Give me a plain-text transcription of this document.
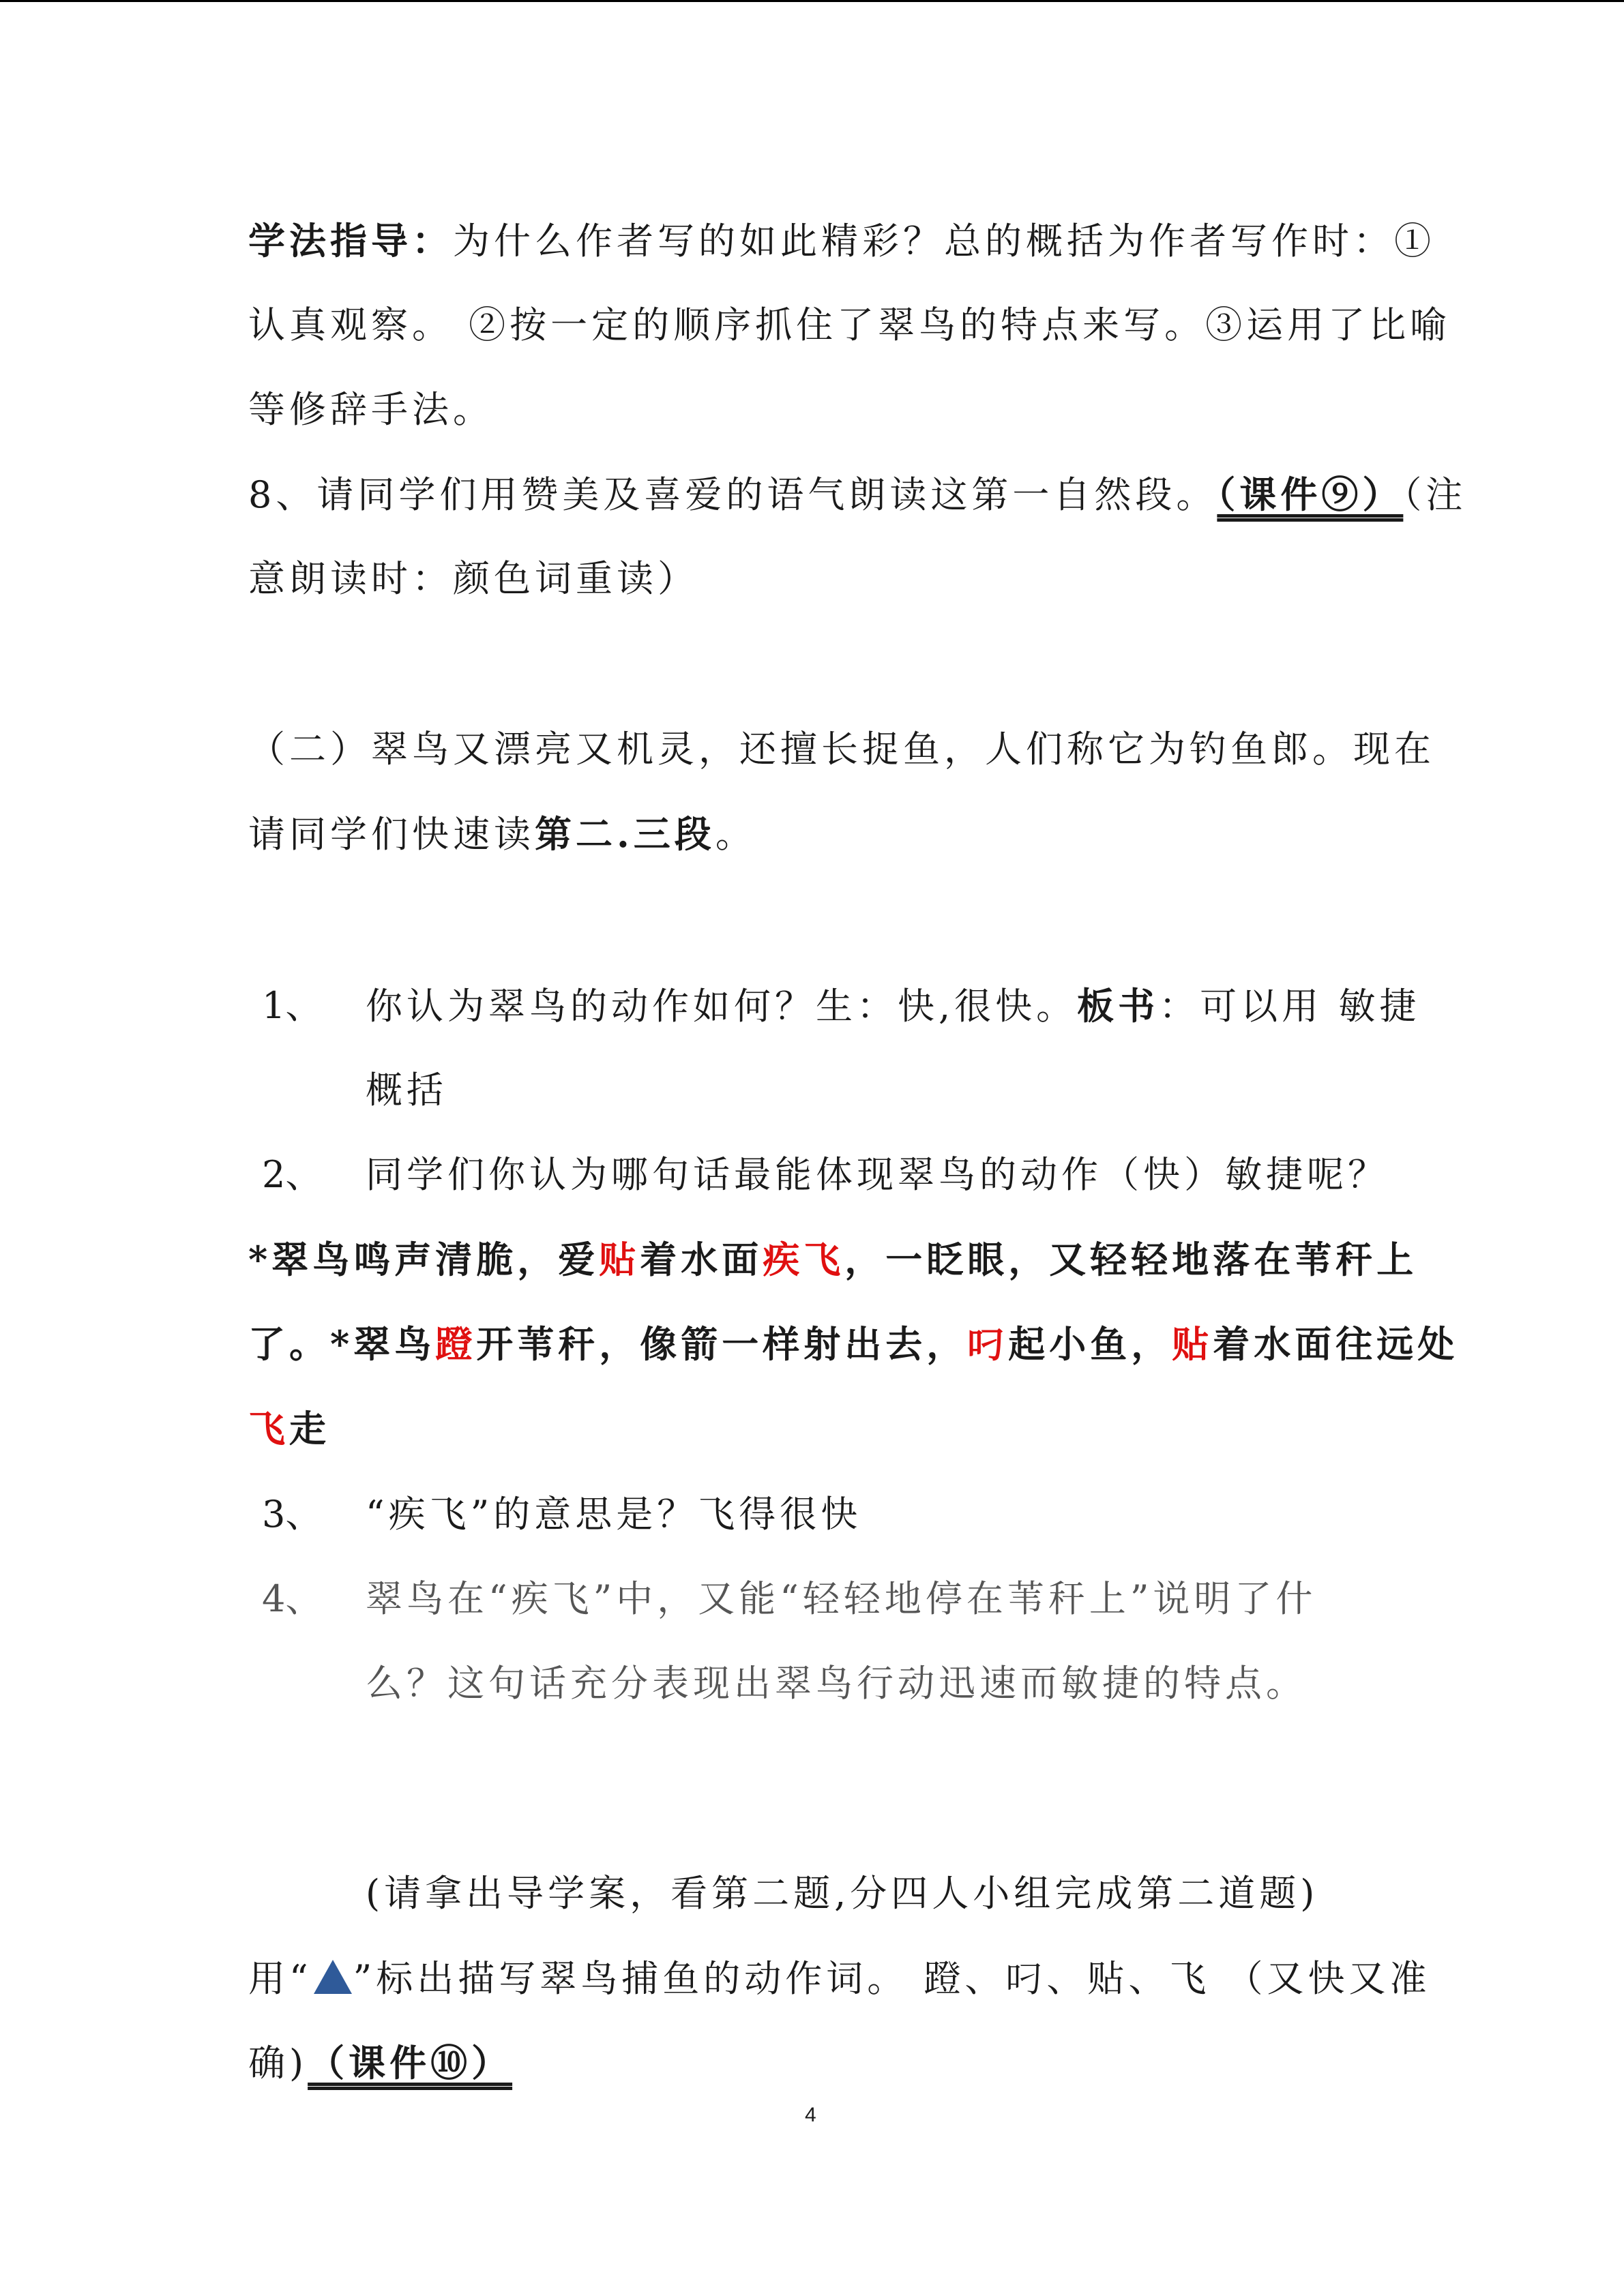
学法指导：为什么作者写的如此精彩？总的概括为作者写作时：①
认真观察。 ②按一定的顺序抓住了翠鸟的特点来写。③运用了比喻
等修辞手法。
8、请同学们用赞美及喜爱的语气朗读这第一自然段。（课件⑨）（注
意朗读时：颜色词重读）
（二）翠鸟又漂亮又机灵，还擅长捉鱼，人们称它为钓鱼郎。现在
请同学们快速读第二.三段。
1、 你认为翠鸟的动作如何？生：快,很快。板书：可以用 敏捷
概括
2、 同学们你认为哪句话最能体现翠鸟的动作（快）敏捷呢？
*翠鸟鸣声清脆，爱贴着水面疾飞，一眨眼，又轻轻地落在苇秆上
了。*翠鸟蹬开苇秆，像箭一样射出去，叼起小鱼，贴着水面往远处
飞走
3、 “疾飞”的意思是？飞得很快
4、 翠鸟在“疾飞”中，又能“轻轻地停在苇秆上”说明了什
么？这句话充分表现出翠鸟行动迅速而敏捷的特点。
(请拿出导学案，看第二题,分四人小组完成第二道题)
用“ ”标出描写翠鸟捕鱼的动作词。 蹬、叼、贴、飞 （又快又准
确)（课件⑩）
4
